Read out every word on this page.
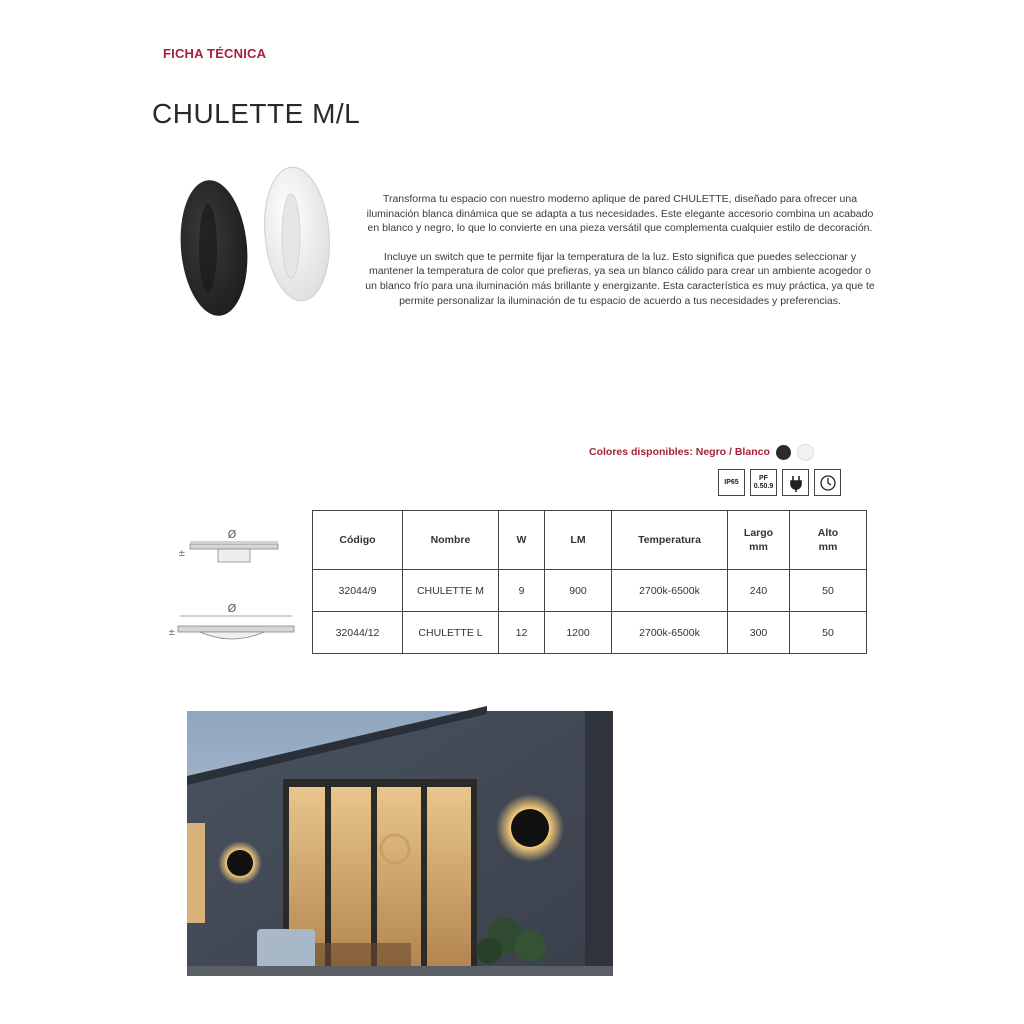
FICHA TÉCNICA
CHULETTE M/L

Transforma tu espacio con nuestro moderno aplique de pared CHULETTE, diseñado para ofrecer una iluminación blanca dinámica que se adapta a tus necesidades. Este elegante accesorio combina un acabado en blanco y negro, lo que lo convierte en una pieza versátil que complementa cualquier estilo de decoración.

Incluye un switch que te permite fijar la temperatura de la luz. Esto significa que puedes seleccionar y mantener la temperatura de color que prefieras, ya sea un blanco cálido para crear un ambiente acogedor o un blanco frío para una iluminación más brillante y energizante. Esta característica es muy práctica, ya que te permite personalizar la iluminación de tu espacio de acuerdo a tus necesidades y preferencias.

Colores disponibles: Negro / Blanco
IP65
PF 0.50.9
Ø
±
Ø
±
Código	Nombre	W	LM	Temperatura	Largo mm	Alto mm
32044/9	CHULETTE M	9	900	2700k-6500k	240	50
32044/12	CHULETTE L	12	1200	2700k-6500k	300	50
